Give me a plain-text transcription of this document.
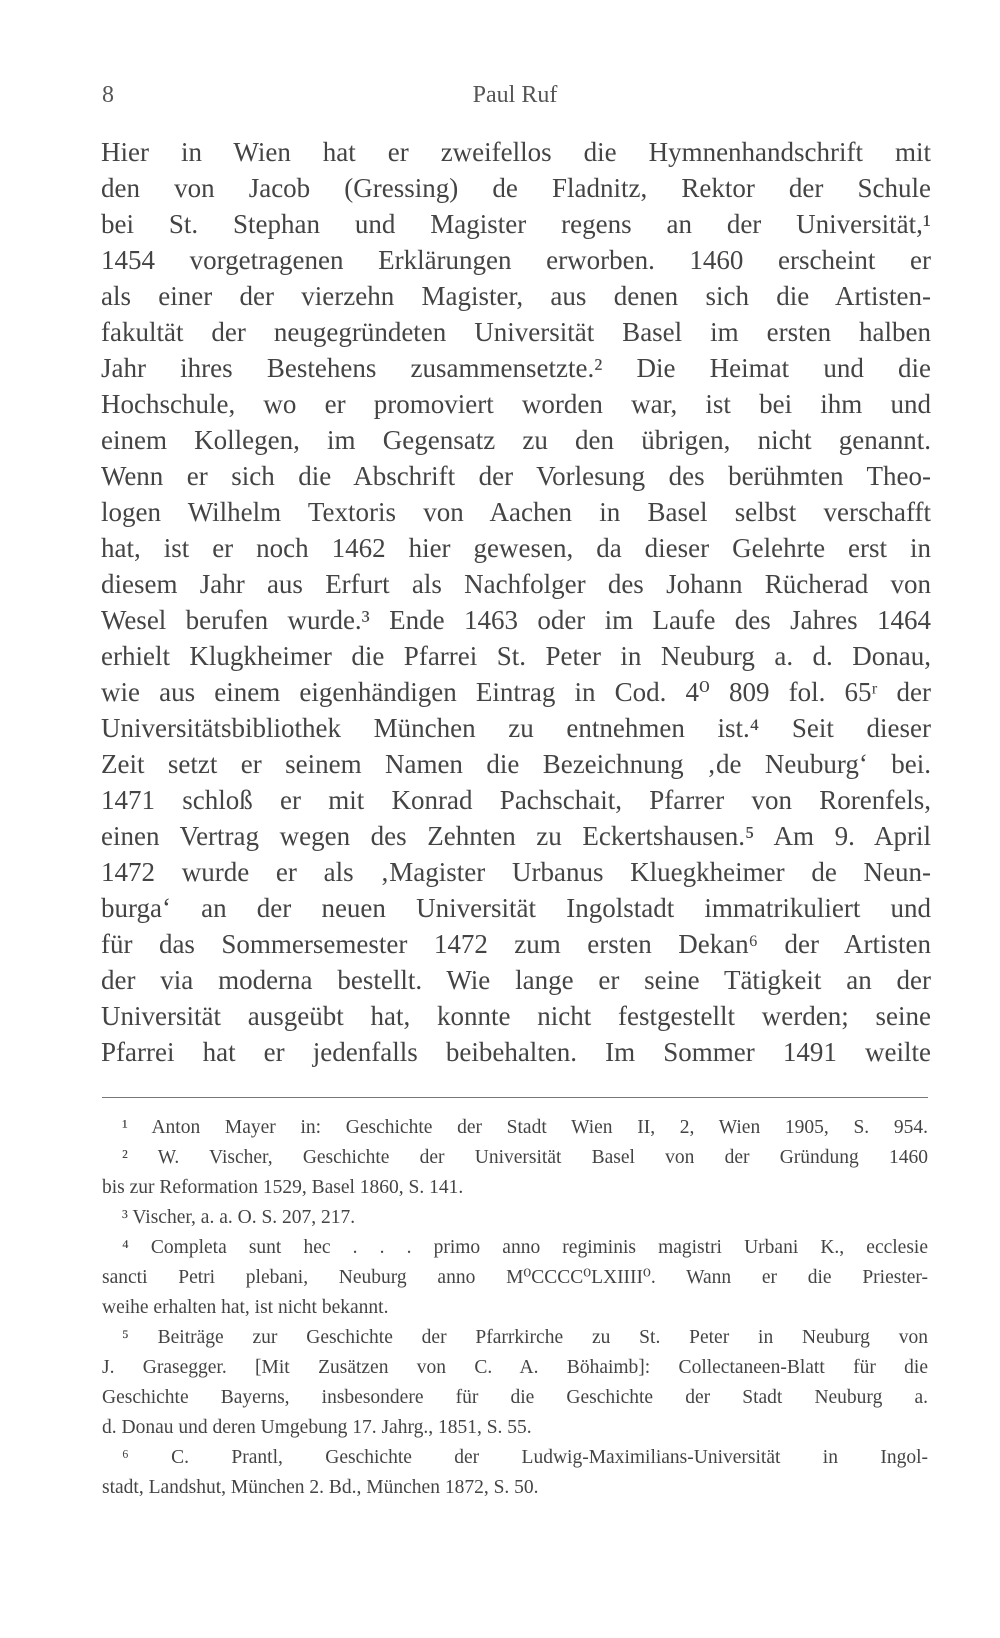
8	Paul Ruf
Hier in Wien hat er zweifellos die Hymnenhandschrift mit
den von Jacob (Gressing) de Fladnitz, Rektor der Schule
bei St. Stephan und Magister regens an der Universität,¹
1454 vorgetragenen Erklärungen erworben. 1460 erscheint er
als einer der vierzehn Magister, aus denen sich die Artisten-
fakultät der neugegründeten Universität Basel im ersten halben
Jahr ihres Bestehens zusammensetzte.² Die Heimat und die
Hochschule, wo er promoviert worden war, ist bei ihm und
einem Kollegen, im Gegensatz zu den übrigen, nicht genannt.
Wenn er sich die Abschrift der Vorlesung des berühmten Theo-
logen Wilhelm Textoris von Aachen in Basel selbst verschafft
hat, ist er noch 1462 hier gewesen, da dieser Gelehrte erst in
diesem Jahr aus Erfurt als Nachfolger des Johann Rücherad von
Wesel berufen wurde.³ Ende 1463 oder im Laufe des Jahres 1464
erhielt Klugkheimer die Pfarrei St. Peter in Neuburg a. d. Donau,
wie aus einem eigenhändigen Eintrag in Cod. 4⁰ 809 fol. 65ʳ der
Universitätsbibliothek München zu entnehmen ist.⁴ Seit dieser
Zeit setzt er seinem Namen die Bezeichnung ‚de Neuburg‘ bei.
1471 schloß er mit Konrad Pachschait, Pfarrer von Rorenfels,
einen Vertrag wegen des Zehnten zu Eckertshausen.⁵ Am 9. April
1472 wurde er als ‚Magister Urbanus Kluegkheimer de Neun-
burga‘ an der neuen Universität Ingolstadt immatrikuliert und
für das Sommersemester 1472 zum ersten Dekan⁶ der Artisten
der via moderna bestellt. Wie lange er seine Tätigkeit an der
Universität ausgeübt hat, konnte nicht festgestellt werden; seine
Pfarrei hat er jedenfalls beibehalten. Im Sommer 1491 weilte
¹ Anton Mayer in: Geschichte der Stadt Wien II, 2, Wien 1905, S. 954.
² W. Vischer, Geschichte der Universität Basel von der Gründung 1460
bis zur Reformation 1529, Basel 1860, S. 141.
³ Vischer, a. a. O. S. 207, 217.
⁴ Completa sunt hec . . . primo anno regiminis magistri Urbani K., ecclesie
sancti Petri plebani, Neuburg anno M⁰CCCC⁰LXIIII⁰. Wann er die Priester-
weihe erhalten hat, ist nicht bekannt.
⁵ Beiträge zur Geschichte der Pfarrkirche zu St. Peter in Neuburg von
J. Grasegger. [Mit Zusätzen von C. A. Böhaimb]: Collectaneen-Blatt für die
Geschichte Bayerns, insbesondere für die Geschichte der Stadt Neuburg a.
d. Donau und deren Umgebung 17. Jahrg., 1851, S. 55.
⁶ C. Prantl, Geschichte der Ludwig-Maximilians-Universität in Ingol-
stadt, Landshut, München 2. Bd., München 1872, S. 50.
